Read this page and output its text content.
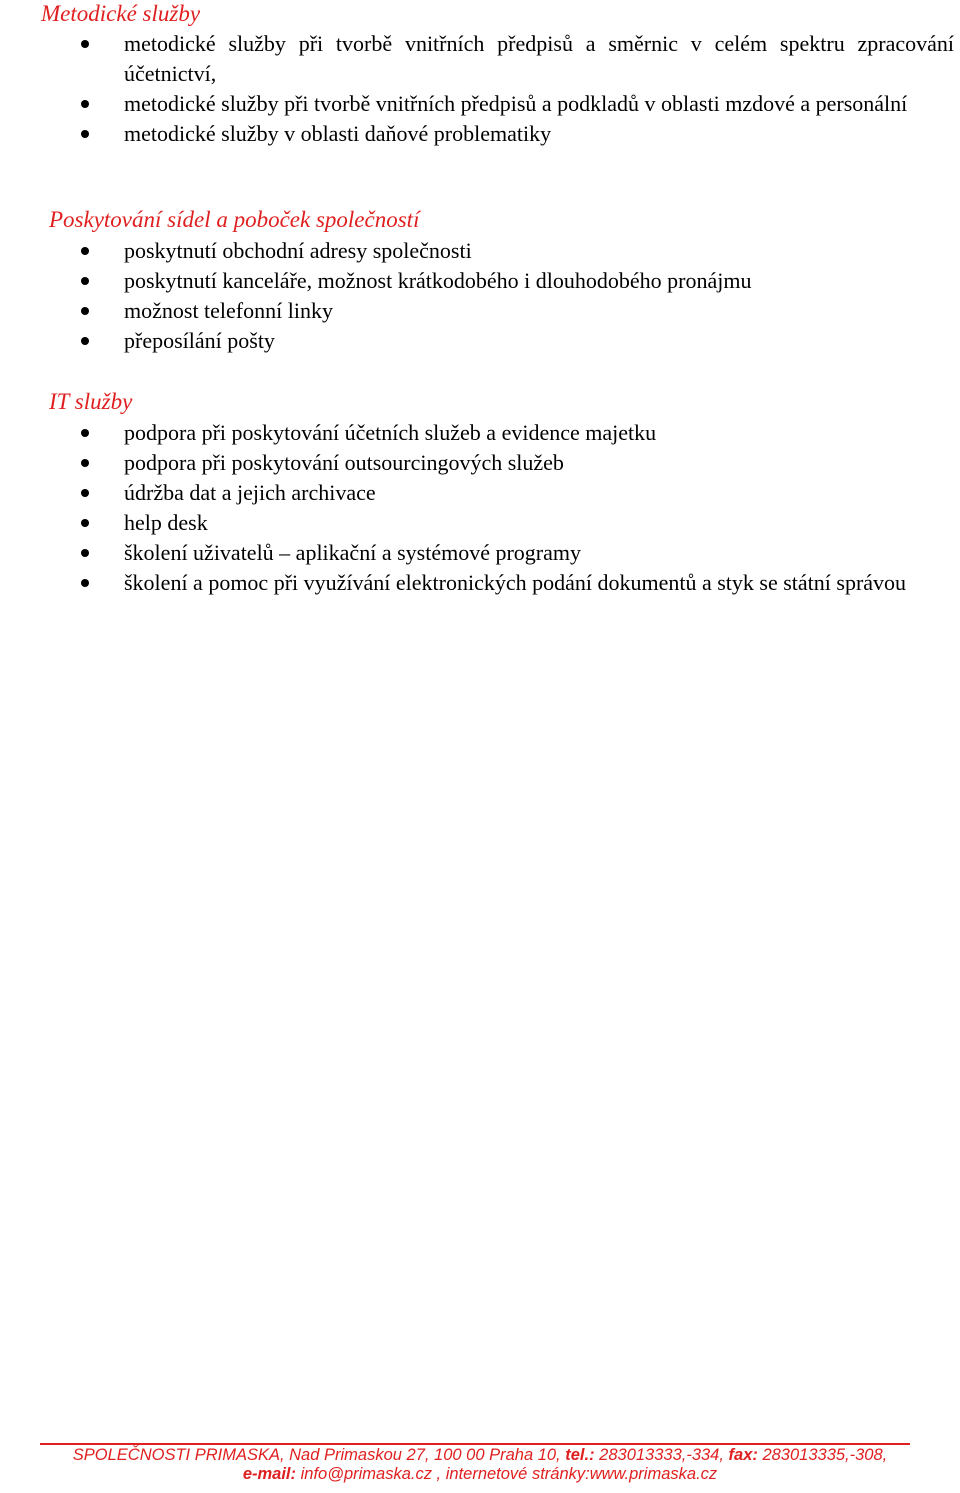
Metodické služby
metodické služby při tvorbě vnitřních předpisů a směrnic v celém spektru zpracování účetnictví,
metodické služby při tvorbě vnitřních předpisů a podkladů v oblasti mzdové a personální
metodické služby v oblasti daňové problematiky
Poskytování sídel a poboček společností
poskytnutí obchodní adresy společnosti
poskytnutí kanceláře, možnost krátkodobého i dlouhodobého pronájmu
možnost telefonní linky
přeposílání pošty
IT služby
podpora při poskytování účetních služeb a evidence majetku
podpora při poskytování outsourcingových služeb
údržba dat a jejich archivace
help desk
školení uživatelů – aplikační a systémové programy
školení a pomoc při využívání elektronických podání dokumentů a styk se státní správou
SPOLEČNOSTI PRIMASKA, Nad Primaskou 27, 100 00 Praha 10, tel.: 283013333,-334, fax: 283013335,-308,
e-mail: info@primaska.cz , internetové stránky:www.primaska.cz
